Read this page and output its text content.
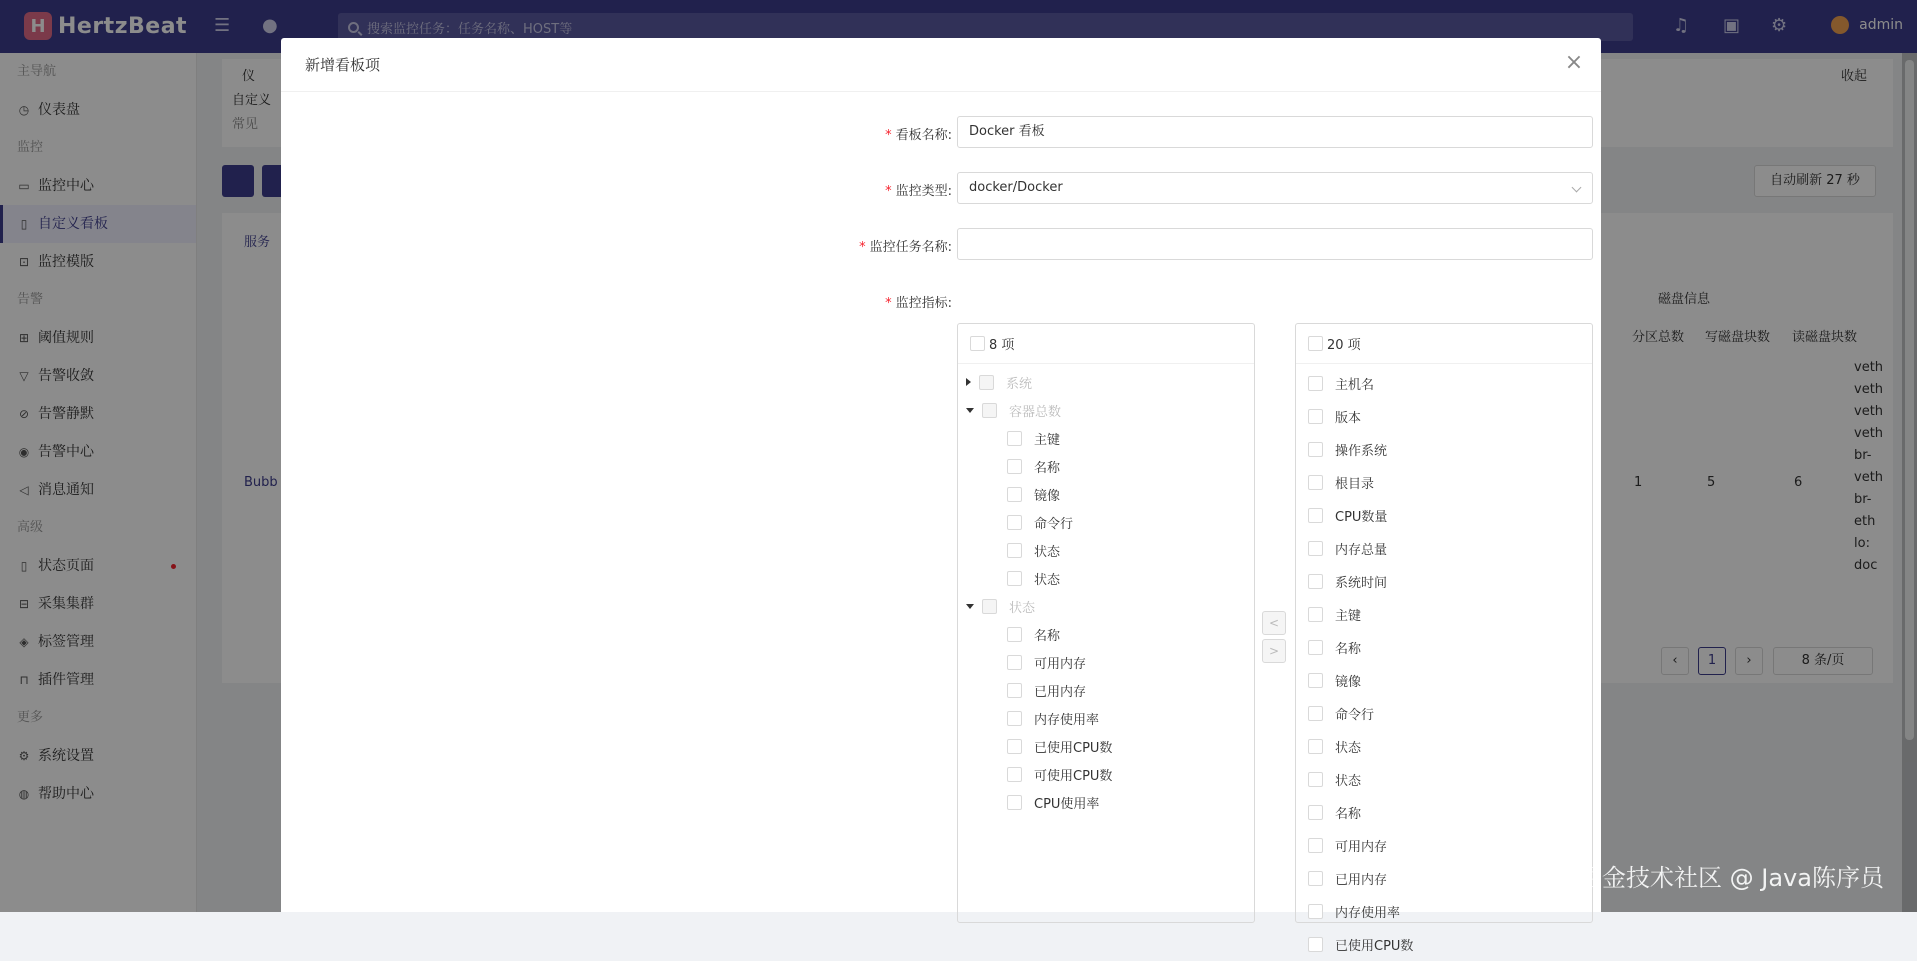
H HertzBeat ☰ ●	搜索监控任务：任务名称、HOST等	♫ ▣ ⚙	admin
主导航
◷ 仪表盘
监控
▭ 监控中心
▯ 自定义看板
⊡ 监控模版
告警
⊞ 阈值规则
▽ 告警收敛
⊘ 告警静默
◉ 告警中心
◁ 消息通知
高级
▯ 状态页面
⊟ 采集集群
◈ 标签管理
⊓ 插件管理
更多
⚙ 系统设置
◍ 帮助中心
仪	收起
自定义
常见
自动刷新 27 秒
服务
磁盘信息
分区总数 写磁盘块数 读磁盘块数
Bubb	1	5	6
veth
veth
veth
veth
br-
veth
br-
eth
lo:
doc
‹	1	›	8 条/页
新增看板项	×
* 看板名称:	Docker 看板
* 监控类型:	docker/Docker
* 监控任务名称:
* 监控指标:
8 项
系统
容器总数
主键
名称
镜像
命令行
状态
状态
状态
名称
可用内存
已用内存
内存使用率
已使用CPU数
可使用CPU数
CPU使用率
<
>
20 项
主机名
版本
操作系统
根目录
CPU数量
内存总量
系统时间
主键
名称
镜像
命令行
状态
状态
名称
可用内存
已用内存
内存使用率
已使用CPU数
掘金技术社区 @ Java陈序员
